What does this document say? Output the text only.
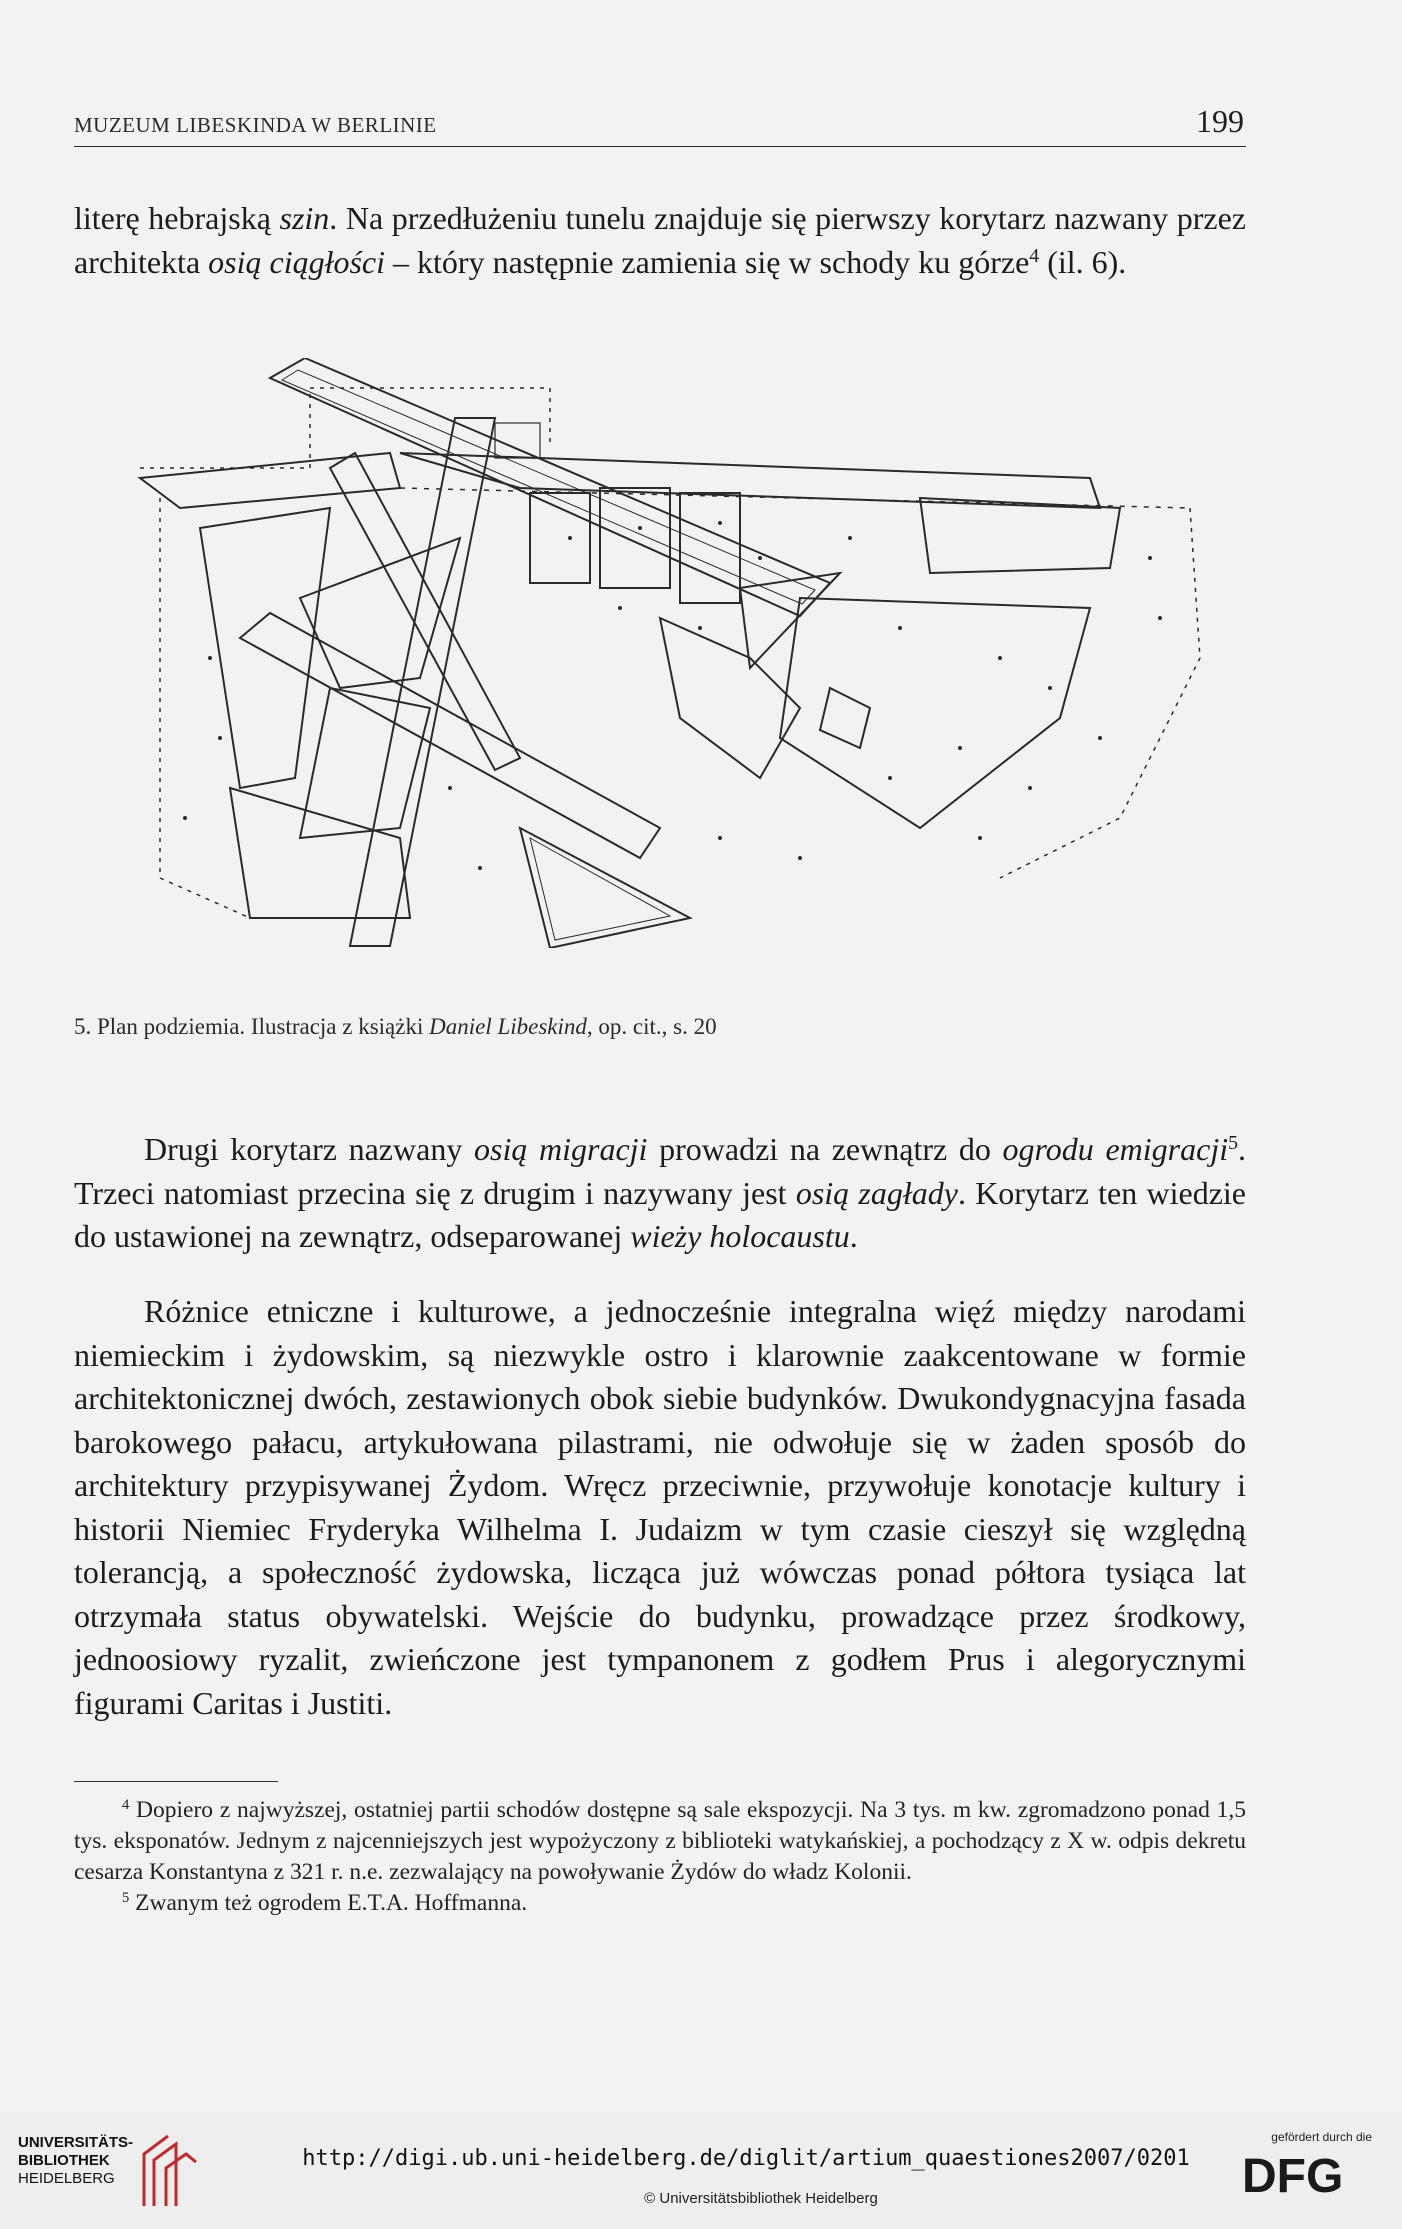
MUZEUM LIBESKINDA W BERLINIE	199

literę hebrajską szin. Na przedłużeniu tunelu znajduje się pierwszy korytarz nazwany przez architekta osią ciągłości – który następnie zamienia się w schody ku górze$^4$ (il. 6).

5. Plan podziemia. Ilustracja z książki Daniel Libeskind, op. cit., s. 20

Drugi korytarz nazwany osią migracji prowadzi na zewnątrz do ogrodu emigracji$^5$. Trzeci natomiast przecina się z drugim i nazywany jest osią zagłady. Korytarz ten wiedzie do ustawionej na zewnątrz, odseparowanej wieży holocaustu.

Różnice etniczne i kulturowe, a jednocześnie integralna więź między narodami niemieckim i żydowskim, są niezwykle ostro i klarownie zaakcentowane w formie architektonicznej dwóch, zestawionych obok siebie budynków. Dwukondygnacyjna fasada barokowego pałacu, artykułowana pilastrami, nie odwołuje się w żaden sposób do architektury przypisywanej Żydom. Wręcz przeciwnie, przywołuje konotacje kultury i historii Niemiec Fryderyka Wilhelma I. Judaizm w tym czasie cieszył się względną tolerancją, a społeczność żydowska, licząca już wówczas ponad półtora tysiąca lat otrzymała status obywatelski. Wejście do budynku, prowadzące przez środkowy, jednoosiowy ryzalit, zwieńczone jest tympanonem z godłem Prus i alegorycznymi figurami Caritas i Justiti.

$^4$ Dopiero z najwyższej, ostatniej partii schodów dostępne są sale ekspozycji. Na 3 tys. m kw. zgromadzono ponad 1,5 tys. eksponatów. Jednym z najcenniejszych jest wypożyczony z biblioteki watykańskiej, a pochodzący z X w. odpis dekretu cesarza Konstantyna z 321 r. n.e. zezwalający na powoływanie Żydów do władz Kolonii.

$^5$ Zwanym też ogrodem E.T.A. Hoffmanna.

UNIVERSITÄTS-
BIBLIOTHEK
HEIDELBERG
http://digi.ub.uni-heidelberg.de/diglit/artium_quaestiones2007/0201
© Universitätsbibliothek Heidelberg
gefördert durch die
DFG
